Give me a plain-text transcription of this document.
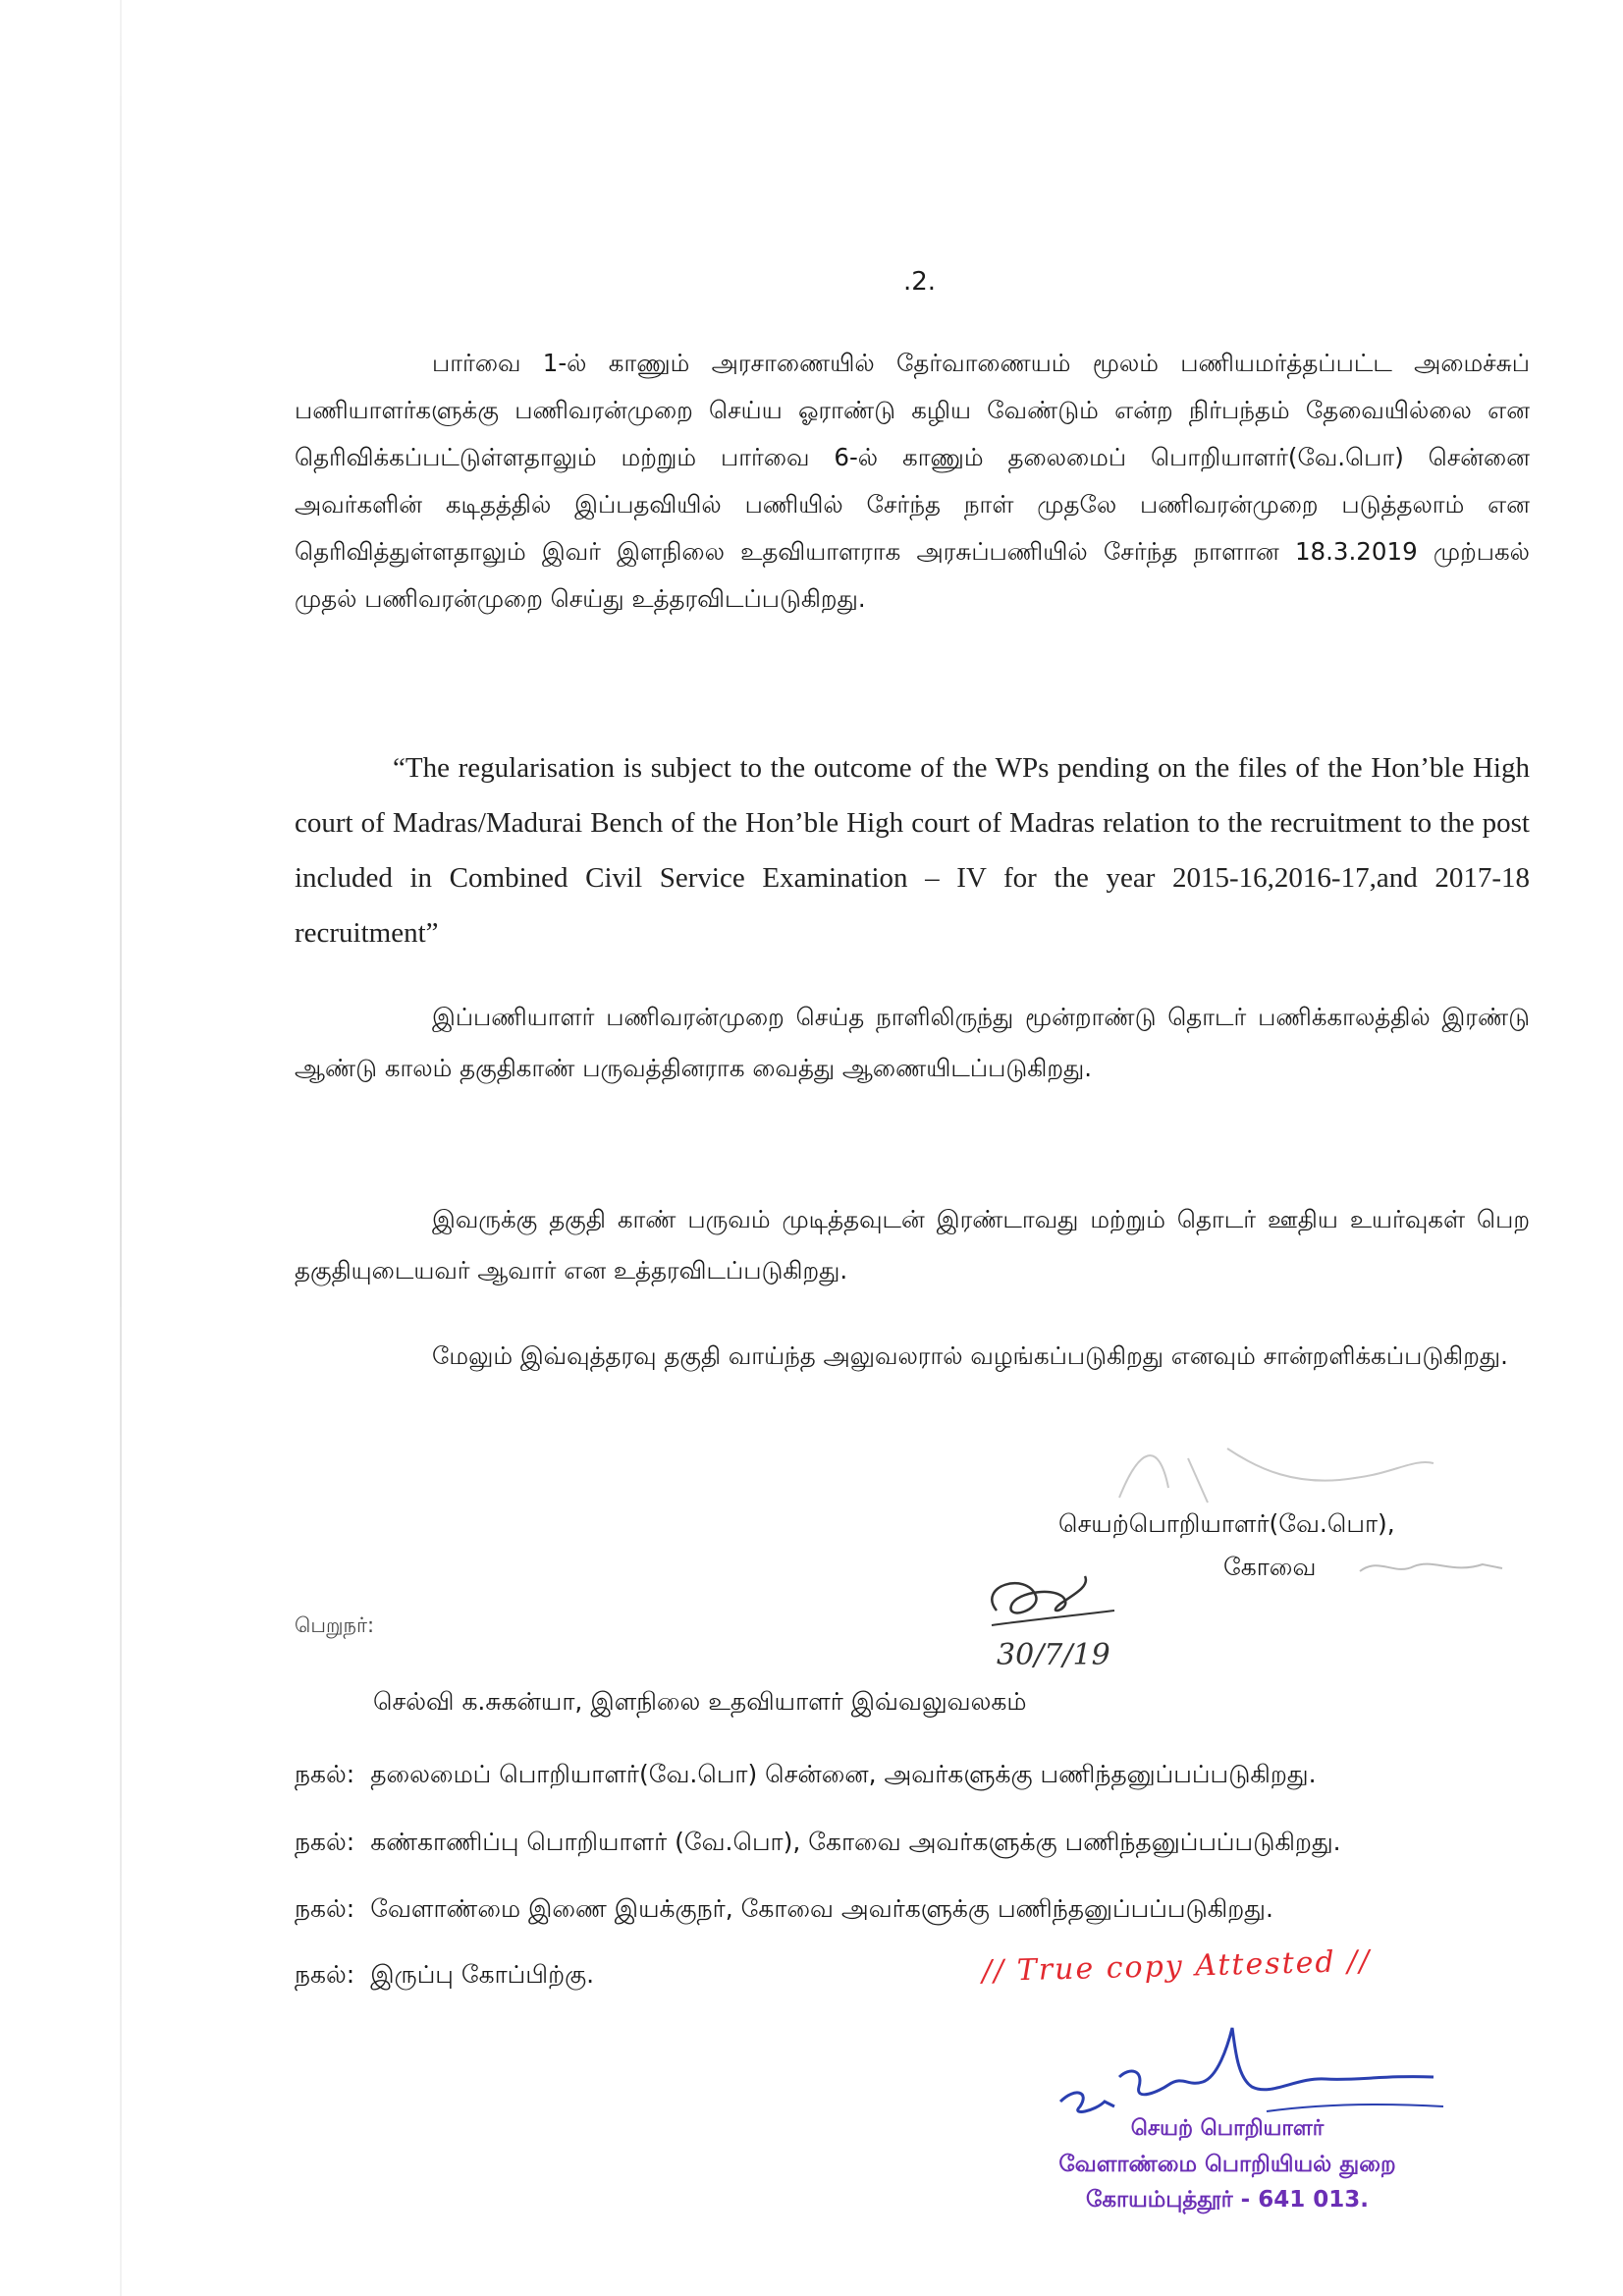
.2.

பார்வை 1-ல் காணும் அரசாணையில் தேர்வாணையம் மூலம் பணியமர்த்தப்பட்ட அமைச்சுப் பணியாளர்களுக்கு பணிவரன்முறை செய்ய ஓராண்டு கழிய வேண்டும் என்ற நிர்பந்தம் தேவையில்லை என தெரிவிக்கப்பட்டுள்ளதாலும் மற்றும் பார்வை 6-ல் காணும் தலைமைப் பொறியாளர்(வே.பொ) சென்னை அவர்களின் கடிதத்தில் இப்பதவியில் பணியில் சேர்ந்த நாள் முதலே பணிவரன்முறை படுத்தலாம் என தெரிவித்துள்ளதாலும் இவர் இளநிலை உதவியாளராக அரசுப்பணியில் சேர்ந்த நாளான 18.3.2019 முற்பகல் முதல் பணிவரன்முறை செய்து உத்தரவிடப்படுகிறது.

“The regularisation is subject to the outcome of the WPs pending on the files of the Hon’ble High court of Madras/Madurai Bench of the Hon’ble High court of Madras relation to the recruitment to the post included in Combined Civil Service Examination – IV for the year 2015-16,2016-17,and 2017-18 recruitment”

இப்பணியாளர் பணிவரன்முறை செய்த நாளிலிருந்து மூன்றாண்டு தொடர் பணிக்காலத்தில் இரண்டு ஆண்டு காலம் தகுதிகாண் பருவத்தினராக வைத்து ஆணையிடப்படுகிறது.

இவருக்கு தகுதி காண் பருவம் முடித்தவுடன் இரண்டாவது மற்றும் தொடர் ஊதிய உயர்வுகள் பெற தகுதியுடையவர் ஆவார் என உத்தரவிடப்படுகிறது.

மேலும் இவ்வுத்தரவு தகுதி வாய்ந்த அலுவலரால் வழங்கப்படுகிறது எனவும் சான்றளிக்கப்படுகிறது.

செயற்பொறியாளர்(வே.பொ),
கோவை
30/7/19
பெறுநர்:
செல்வி க.சுகன்யா, இளநிலை உதவியாளர் இவ்வலுவலகம்
நகல்: தலைமைப் பொறியாளர்(வே.பொ) சென்னை, அவர்களுக்கு பணிந்தனுப்பப்படுகிறது.
நகல்: கண்காணிப்பு பொறியாளர் (வே.பொ), கோவை அவர்களுக்கு பணிந்தனுப்பப்படுகிறது.
நகல்: வேளாண்மை இணை இயக்குநர், கோவை அவர்களுக்கு பணிந்தனுப்பப்படுகிறது.
நகல்: இருப்பு கோப்பிற்கு.	// True copy Attested //
செயற் பொறியாளர்
வேளாண்மை பொறியியல் துறை
கோயம்புத்தூர் - 641 013.
